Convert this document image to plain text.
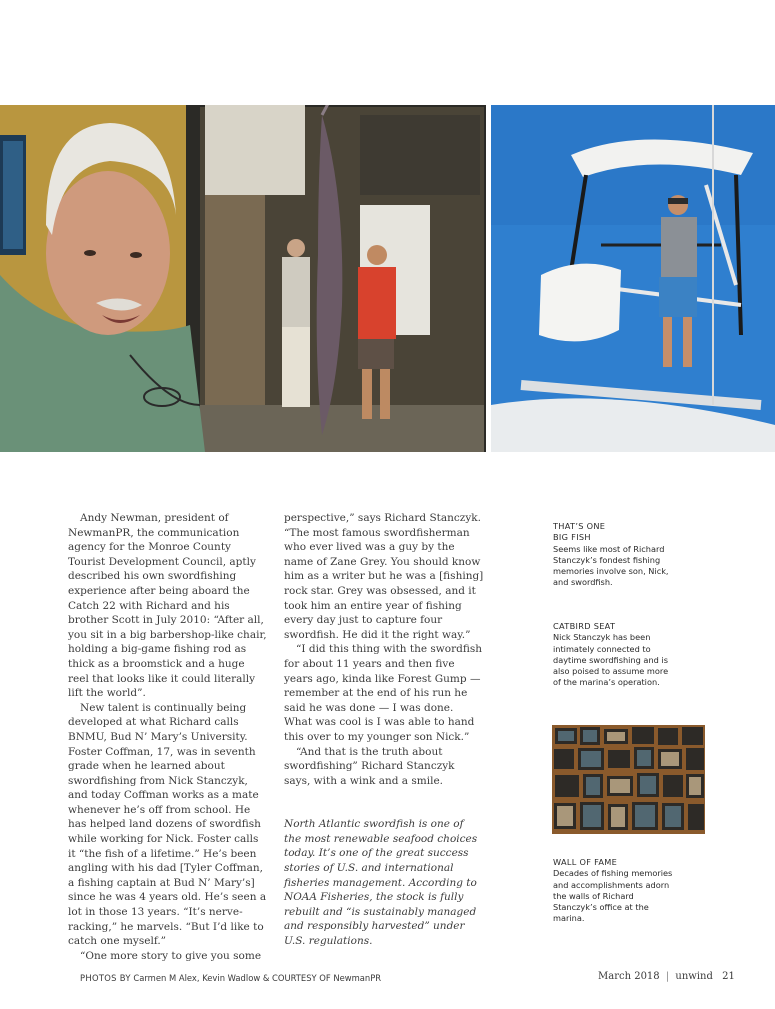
Andy Newman, president of NewmanPR, the communication agency for the Monroe County Tourist Development Council, aptly described his own swordfishing experience after being aboard the Catch 22 with Richard and his brother Scott in July 2010: “After all, you sit in a big barbershop-like chair, holding a big-game fishing rod as thick as a broomstick and a huge reel that looks like it could literally lift the world”.

New talent is continually being developed at what Richard calls BNMU, Bud N’ Mary’s University. Foster Coffman, 17, was in seventh grade when he learned about swordfishing from Nick Stanczyk, and today Coffman works as a mate whenever he’s off from school. He has helped land dozens of swordfish while working for Nick. Foster calls it “the fish of a lifetime.” He’s been angling with his dad [Tyler Coffman, a fishing captain at Bud N’ Mary’s] since he was 4 years old. He’s seen a lot in those 13 years. “It’s nerve-racking,” he marvels. “But I’d like to catch one myself.”

“One more story to give you some

perspective,” says Richard Stanczyk. “The most famous swordfisherman who ever lived was a guy by the name of Zane Grey. You should know him as a writer but he was a [fishing] rock star. Grey was obsessed, and it took him an entire year of fishing every day just to capture four swordfish. He did it the right way.”

“I did this thing with the swordfish for about 11 years and then five years ago, kinda like Forest Gump — remember at the end of his run he said he was done — I was done. What was cool is I was able to hand this over to my younger son Nick.”

“And that is the truth about swordfishing” Richard Stanczyk says, with a wink and a smile.

North Atlantic swordfish is one of the most renewable seafood choices today. It’s one of the great success stories of U.S. and international fisheries management. According to NOAA Fisheries, the stock is fully rebuilt and “is sustainably managed and responsibly harvested” under U.S. regulations.

THAT’S ONE
BIG FISH
Seems like most of Richard Stanczyk’s fondest fishing memories involve son, Nick, and swordfish.
CATBIRD SEAT
Nick Stanczyk has been intimately connected to daytime swordfishing and is also poised to assume more of the marina’s operation.
WALL OF FAME
Decades of fishing memories and accomplishments adorn the walls of Richard Stanczyk’s office at the marina.
PHOTOS BY Carmen M Alex, Kevin Wadlow & COURTESY OF NewmanPR	March 2018 | unwind 21
